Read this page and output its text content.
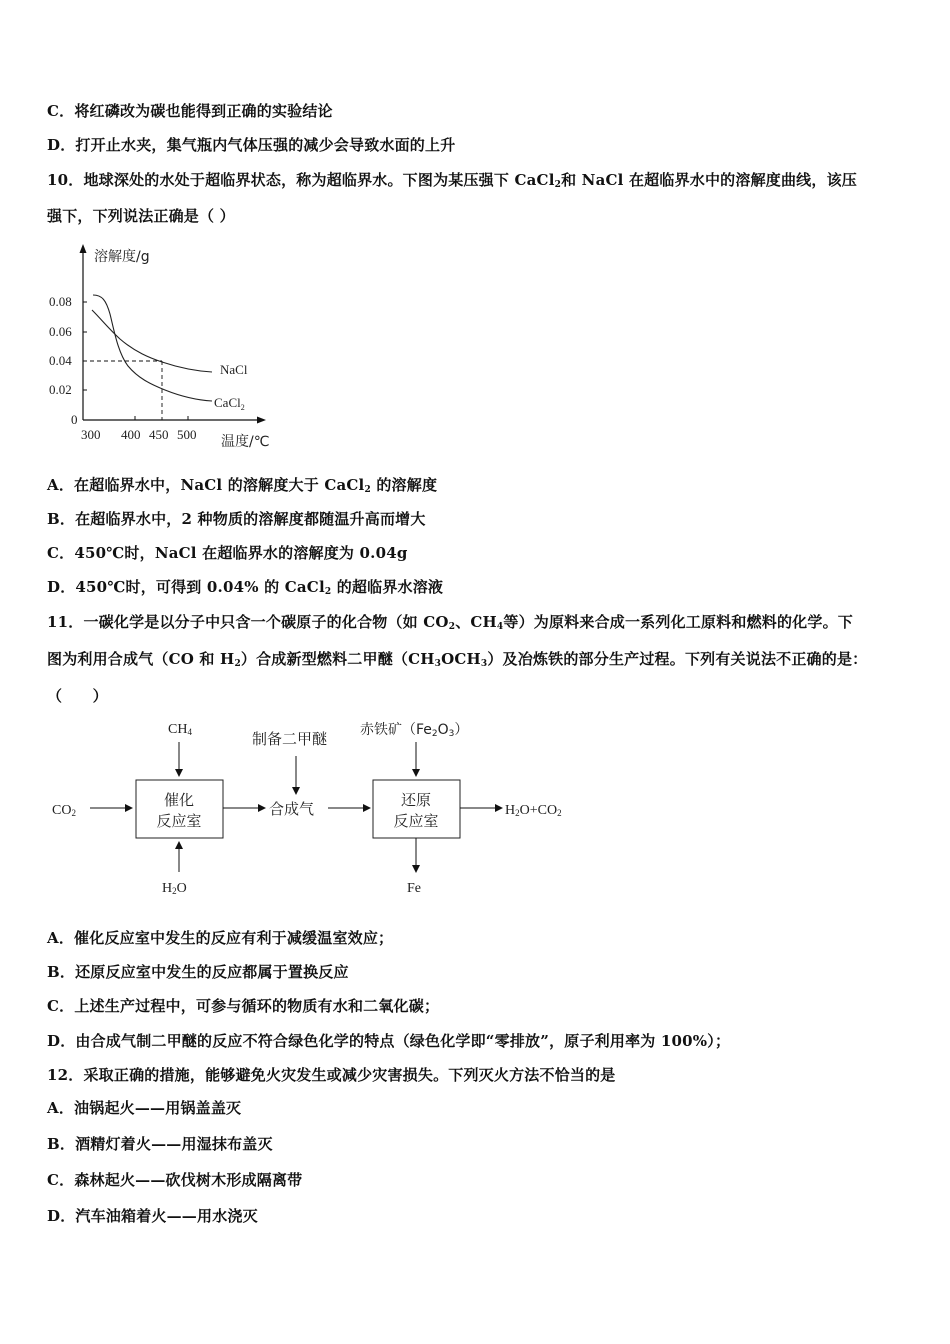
C．将红磷改为碳也能得到正确的实验结论
D．打开止水夹，集气瓶内气体压强的减少会导致水面的上升
10．地球深处的水处于超临界状态，称为超临界水。下图为某压强下 CaCl$_2$和 NaCl 在超临界水中的溶解度曲线，该压
强下，下列说法正确是（ ）
溶解度/g
0.08
0.06
0.04
0.02
0
300 400 450 500 温度/℃
NaCl
CaCl$_2$
A．在超临界水中，NaCl 的溶解度大于 CaCl$_2$ 的溶解度
B．在超临界水中，2 种物质的溶解度都随温升高而增大
C．450℃时，NaCl 在超临界水的溶解度为 0.04g
D．450℃时，可得到 0.04% 的 CaCl$_2$ 的超临界水溶液
11．一碳化学是以分子中只含一个碳原子的化合物（如 $CO_2$、$CH_4$等）为原料来合成一系列化工原料和燃料的化学。下
图为利用合成气（CO 和 $H_2$）合成新型燃料二甲醚$(CH_3OCH_3)$及冶炼铁的部分生产过程。下列有关说法不正确的是：
（　　）
催化
反应室
CH4
CO2
H2O
合成气
制备二甲醚
还原
反应室
赤铁矿（Fe2O3）
H2O+CO2
Fe
A．催化反应室中发生的反应有利于减缓温室效应；
B．还原反应室中发生的反应都属于置换反应
C．上述生产过程中，可参与循环的物质有水和二氧化碳；
D．由合成气制二甲醚的反应不符合绿色化学的特点（绿色化学即“零排放”，原子利用率为 100%）；
12．采取正确的措施，能够避免火灾发生或减少灾害损失。下列灭火方法不恰当的是
A．油锅起火——用锅盖盖灭
B．酒精灯着火——用湿抹布盖灭
C．森林起火——砍伐树木形成隔离带
D．汽车油箱着火——用水浇灭
